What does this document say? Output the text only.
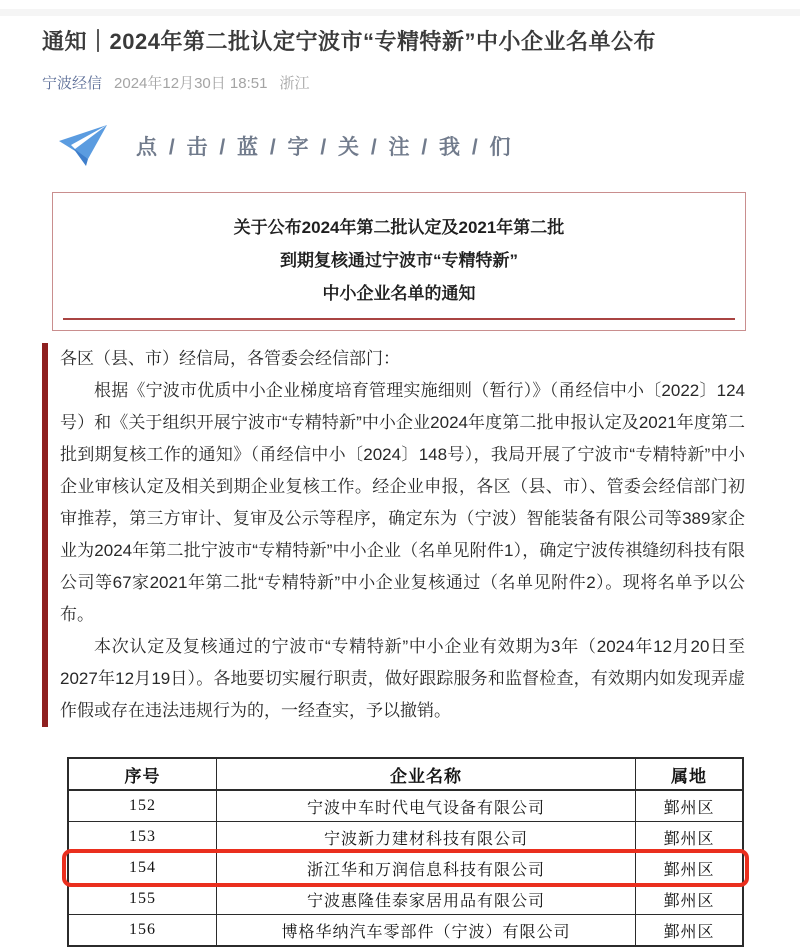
通知｜2024年第二批认定宁波市“专精特新”中小企业名单公布
宁波经信 2024年12月30日 18:51 浙江
点 / 击 / 蓝 / 字 / 关 / 注 / 我 / 们
关于公布2024年第二批认定及2021年第二批
到期复核通过宁波市“专精特新”
中小企业名单的通知

各区（县、市）经信局，各管委会经信部门：

根据《宁波市优质中小企业梯度培育管理实施细则（暂行）》（甬经信中小〔2022〕124号）和《关于组织开展宁波市“专精特新”中小企业2024年度第二批申报认定及2021年度第二批到期复核工作的通知》（甬经信中小〔2024〕148号），我局开展了宁波市“专精特新”中小企业审核认定及相关到期企业复核工作。经企业申报，各区（县、市）、管委会经信部门初审推荐，第三方审计、复审及公示等程序，确定东为（宁波）智能装备有限公司等389家企业为2024年第二批宁波市“专精特新”中小企业（名单见附件1），确定宁波传祺缝纫科技有限公司等67家2021年第二批“专精特新”中小企业复核通过（名单见附件2）。现将名单予以公布。

本次认定及复核通过的宁波市“专精特新”中小企业有效期为3年（2024年12月20日至2027年12月19日）。各地要切实履行职责，做好跟踪服务和监督检查，有效期内如发现弄虚作假或存在违法违规行为的，一经查实，予以撤销。

序号	企业名称	属地
152	宁波中车时代电气设备有限公司	鄞州区
153	宁波新力建材科技有限公司	鄞州区
154	浙江华和万润信息科技有限公司	鄞州区
155	宁波惠隆佳泰家居用品有限公司	鄞州区
156	博格华纳汽车零部件（宁波）有限公司	鄞州区
